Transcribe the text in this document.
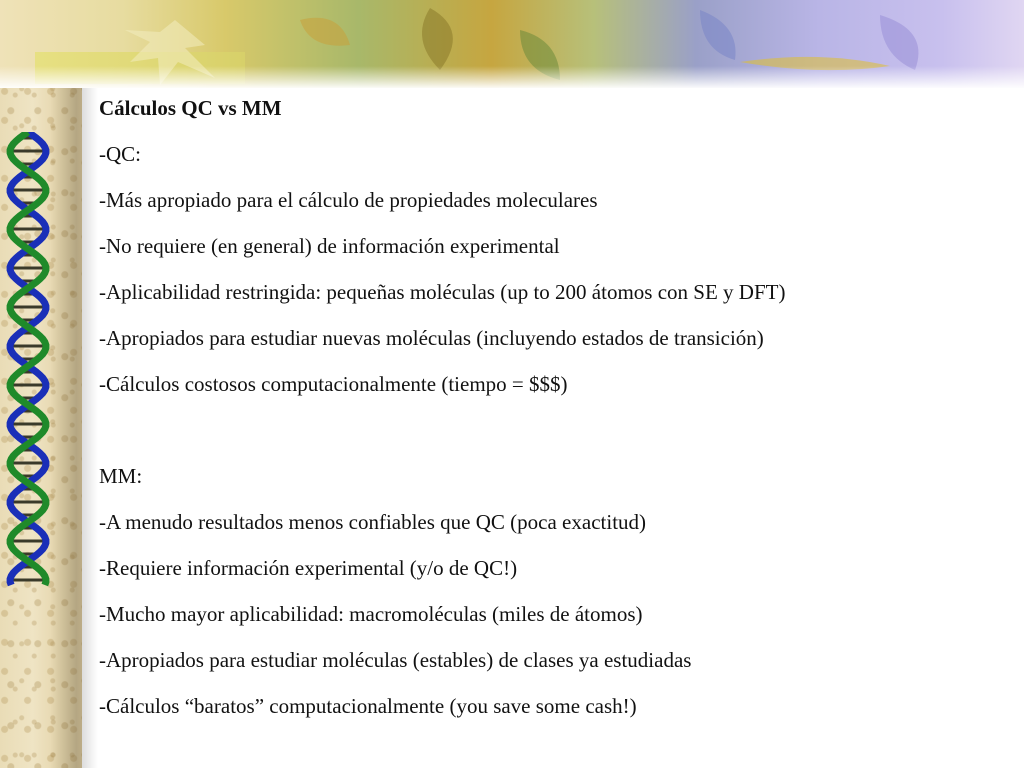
Cálculos QC vs MM
-QC:
-Más apropiado para el cálculo de propiedades moleculares
-No requiere (en general) de información experimental
-Aplicabilidad restringida: pequeñas moléculas (up to 200 átomos con SE y DFT)
-Apropiados para estudiar nuevas moléculas (incluyendo estados de transición)
-Cálculos costosos computacionalmente (tiempo = $$$)
MM:
-A menudo resultados menos confiables que QC (poca exactitud)
-Requiere información experimental (y/o de QC!)
-Mucho mayor aplicabilidad: macromoléculas (miles de átomos)
-Apropiados para estudiar moléculas (estables) de clases ya estudiadas
-Cálculos “baratos” computacionalmente (you save some cash!)
